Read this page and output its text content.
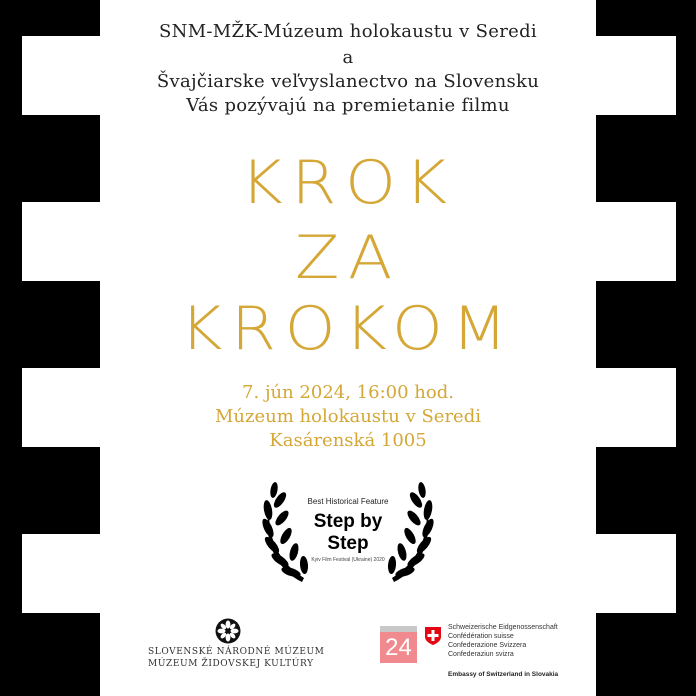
SNM-MŽK-Múzeum holokaustu v Seredi
a
Švajčiarske veľvyslanectvo na Slovensku
Vás pozývajú na premietanie filmu
KROK
ZA
KROKOM
7. jún 2024, 16:00 hod.
Múzeum holokaustu v Seredi
Kasárenská 1005
Best Historical Feature
Step by
Step
Kyiv Film Festival (Ukraine) 2020
SLOVENSKÉ NÁRODNÉ MÚZEUM
MÚZEUM ŽIDOVSKEJ KULTÚRY
24
Schweizerische Eidgenossenschaft
Confédération suisse
Confederazione Svizzera
Confederaziun svizra
Embassy of Switzerland in Slovakia
